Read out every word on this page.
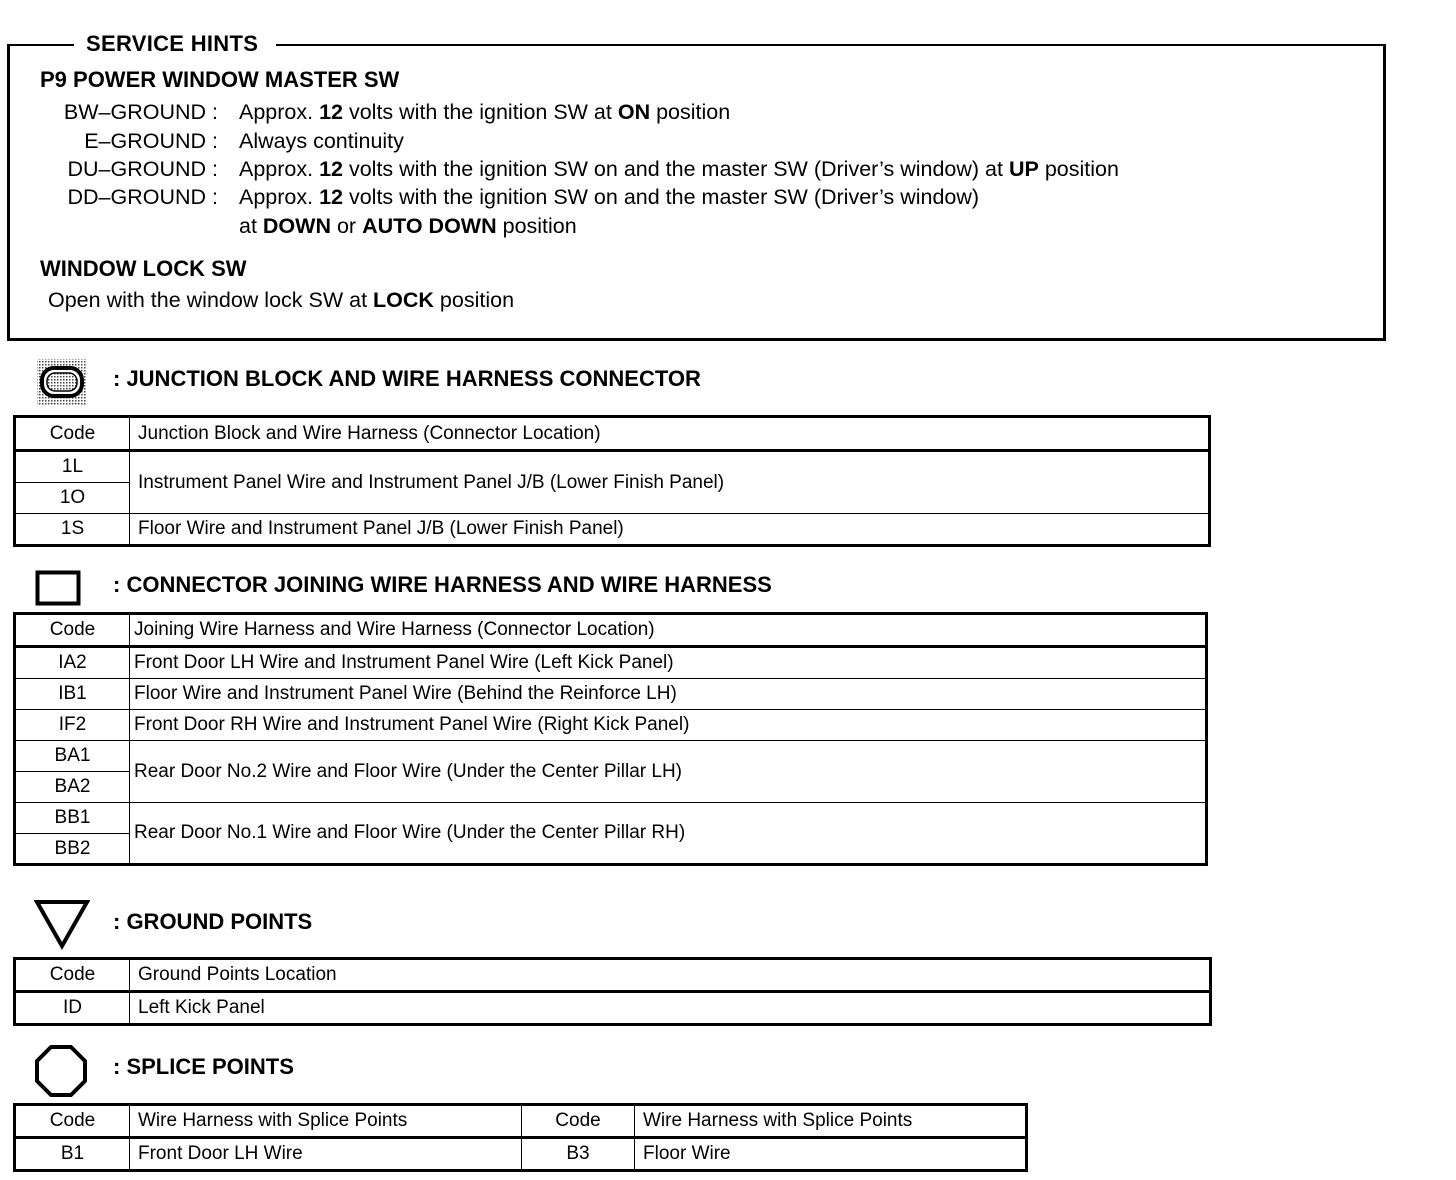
P9 POWER WINDOW MASTER SW
BW–GROUND : Approx. 12 volts with the ignition SW at ON position
E–GROUND : Always continuity
DU–GROUND : Approx. 12 volts with the ignition SW on and the master SW (Driver’s window) at UP position
DD–GROUND : Approx. 12 volts with the ignition SW on and the master SW (Driver’s window)
at DOWN or AUTO DOWN position
WINDOW LOCK SW
Open with the window lock SW at LOCK position
SERVICE HINTS
: JUNCTION BLOCK AND WIRE HARNESS CONNECTOR
Code	Junction Block and Wire Harness (Connector Location)
1L	Instrument Panel Wire and Instrument Panel J/B (Lower Finish Panel)
1O	
1S	Floor Wire and Instrument Panel J/B (Lower Finish Panel)
: CONNECTOR JOINING WIRE HARNESS AND WIRE HARNESS
Code	Joining Wire Harness and Wire Harness (Connector Location)
IA2	Front Door LH Wire and Instrument Panel Wire (Left Kick Panel)
IB1	Floor Wire and Instrument Panel Wire (Behind the Reinforce LH)
IF2	Front Door RH Wire and Instrument Panel Wire (Right Kick Panel)
BA1	Rear Door No.2 Wire and Floor Wire (Under the Center Pillar LH)
BA2	
BB1	Rear Door No.1 Wire and Floor Wire (Under the Center Pillar RH)
BB2	
: GROUND POINTS
Code	Ground Points Location
ID	Left Kick Panel
: SPLICE POINTS
Code	Wire Harness with Splice Points	Code	Wire Harness with Splice Points
B1	Front Door LH Wire	B3	Floor Wire
